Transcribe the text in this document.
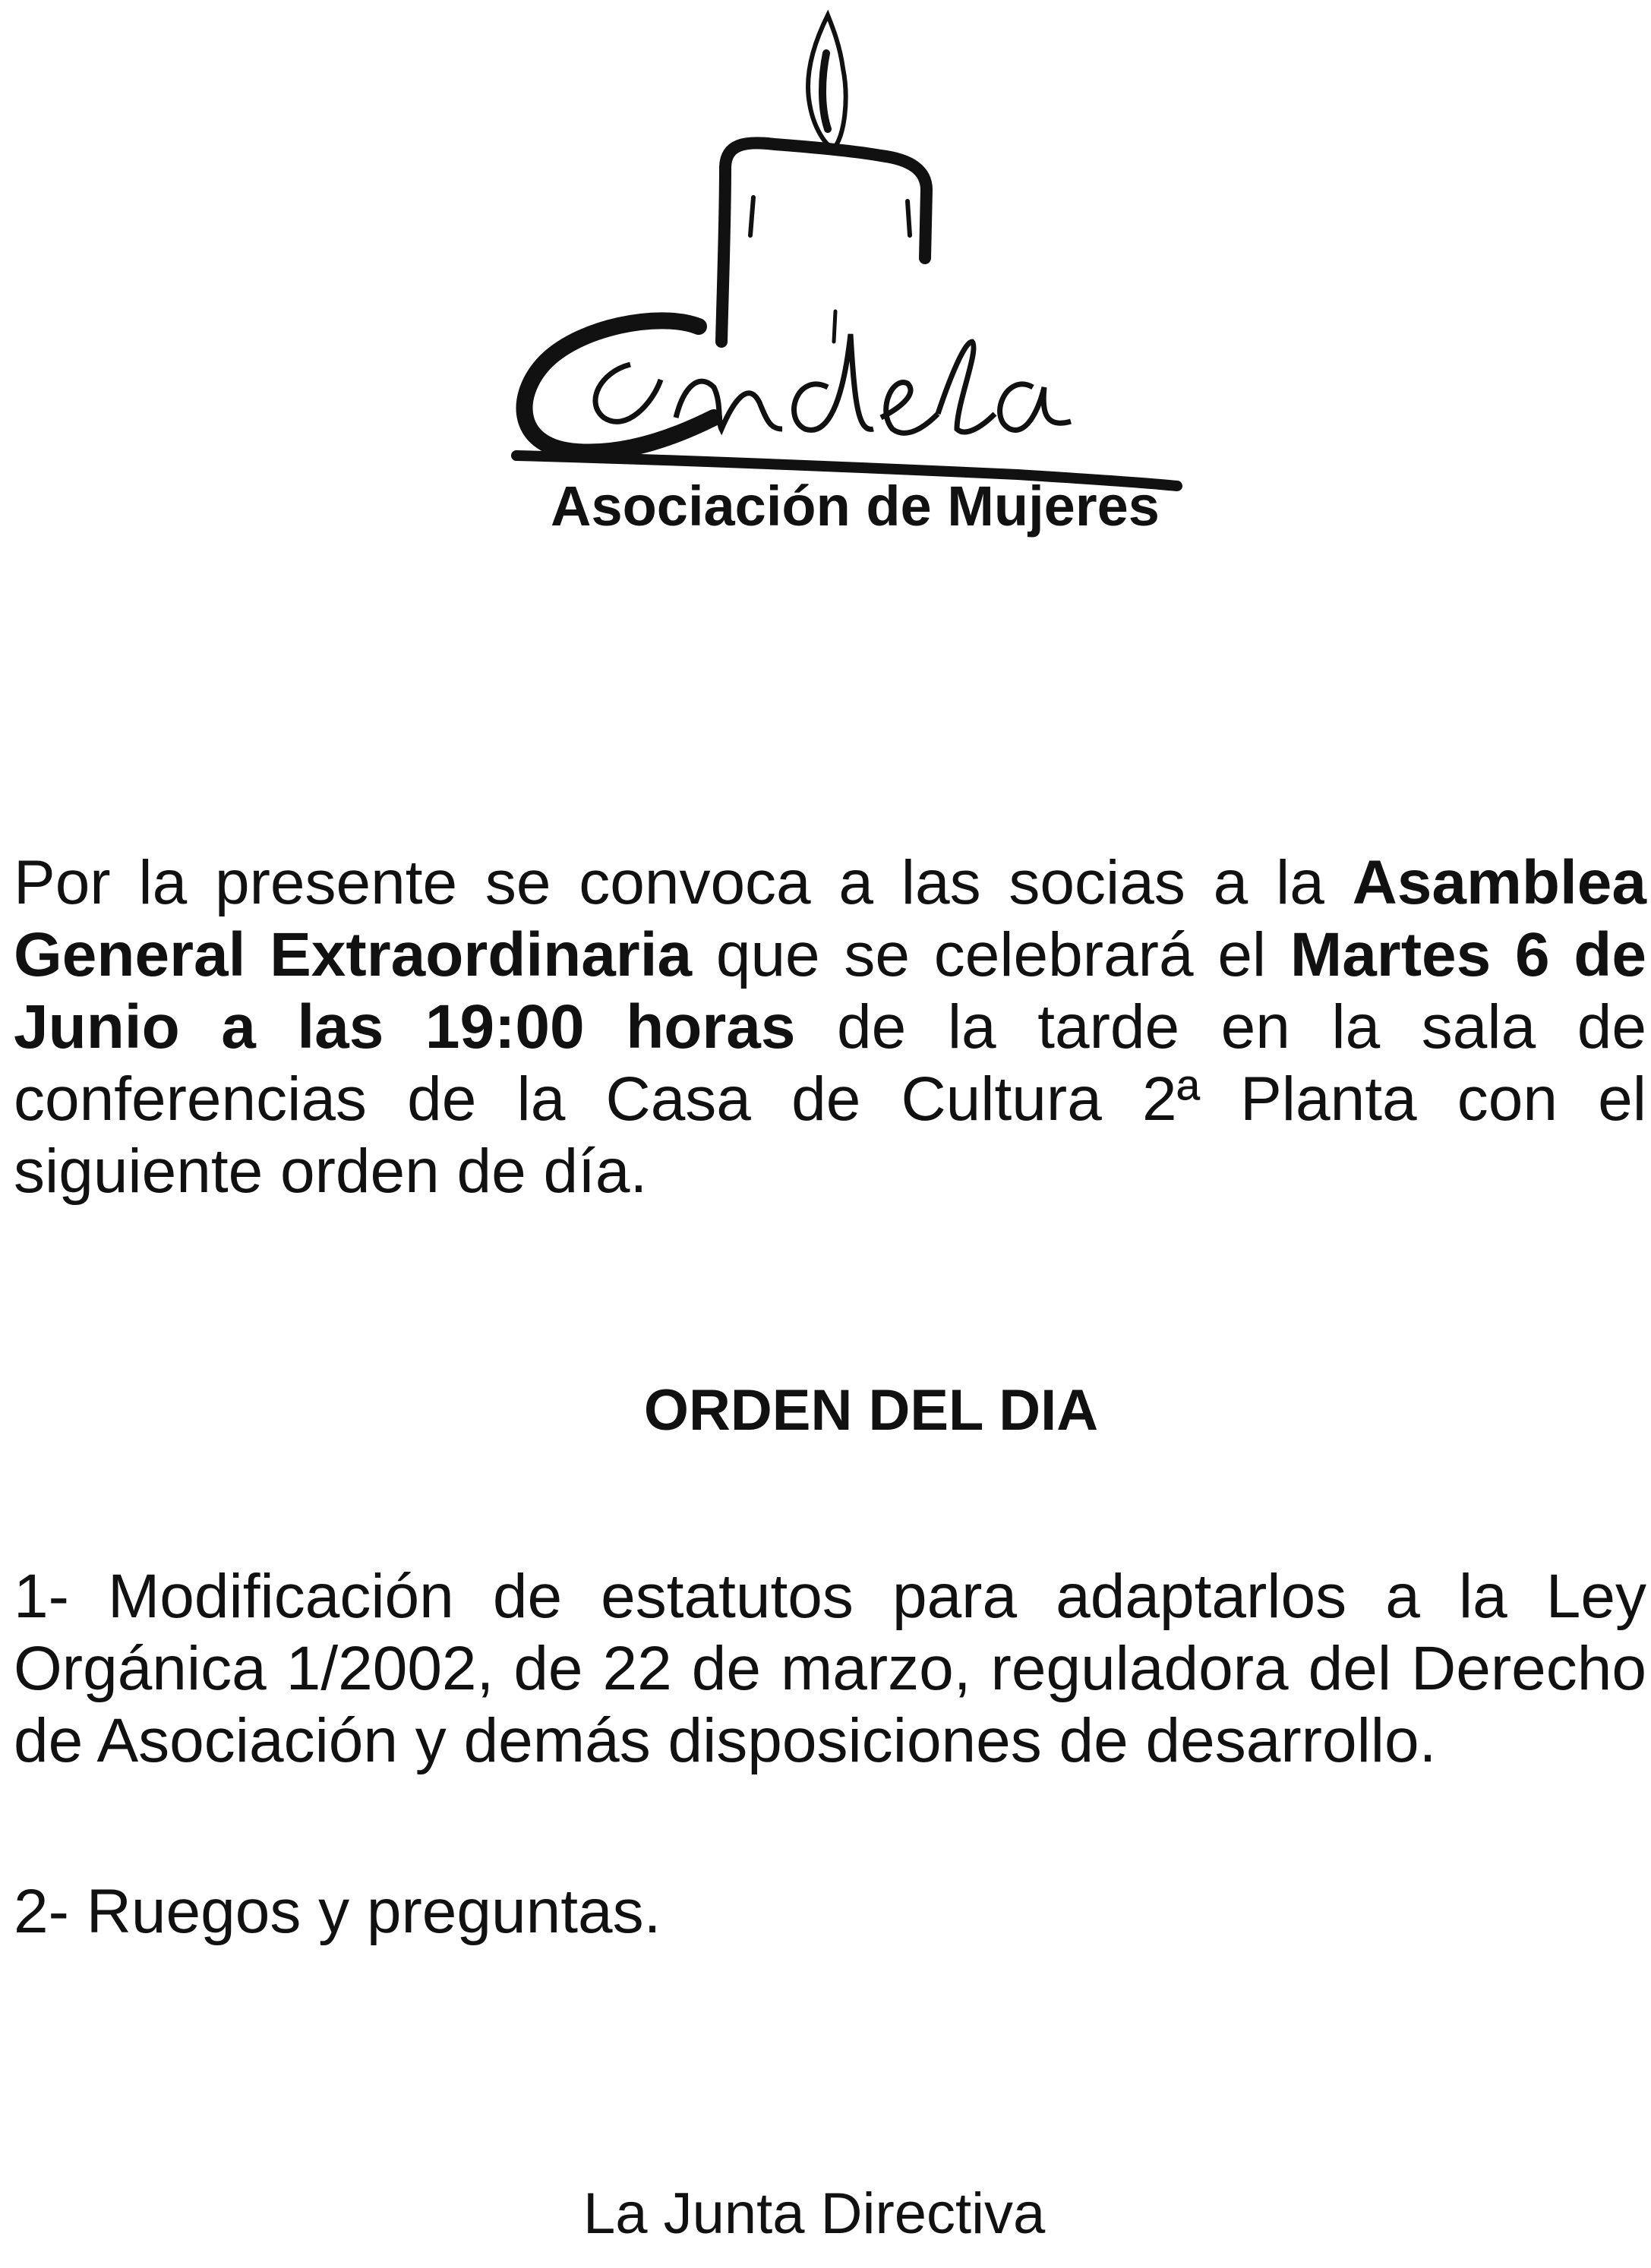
Asociación de Mujeres

Por la presente se convoca a las socias a la Asamblea General Extraordinaria que se celebrará el Martes 6 de Junio a las 19:00 horas de la tarde en la sala de conferencias de la Casa de Cultura 2ª Planta con el siguiente orden de día.

ORDEN DEL DIA

1- Modificación de estatutos para adaptarlos a la Ley Orgánica 1/2002, de 22 de marzo, reguladora del Derecho de Asociación y demás disposiciones de desarrollo.

2- Ruegos y preguntas.

La Junta Directiva
